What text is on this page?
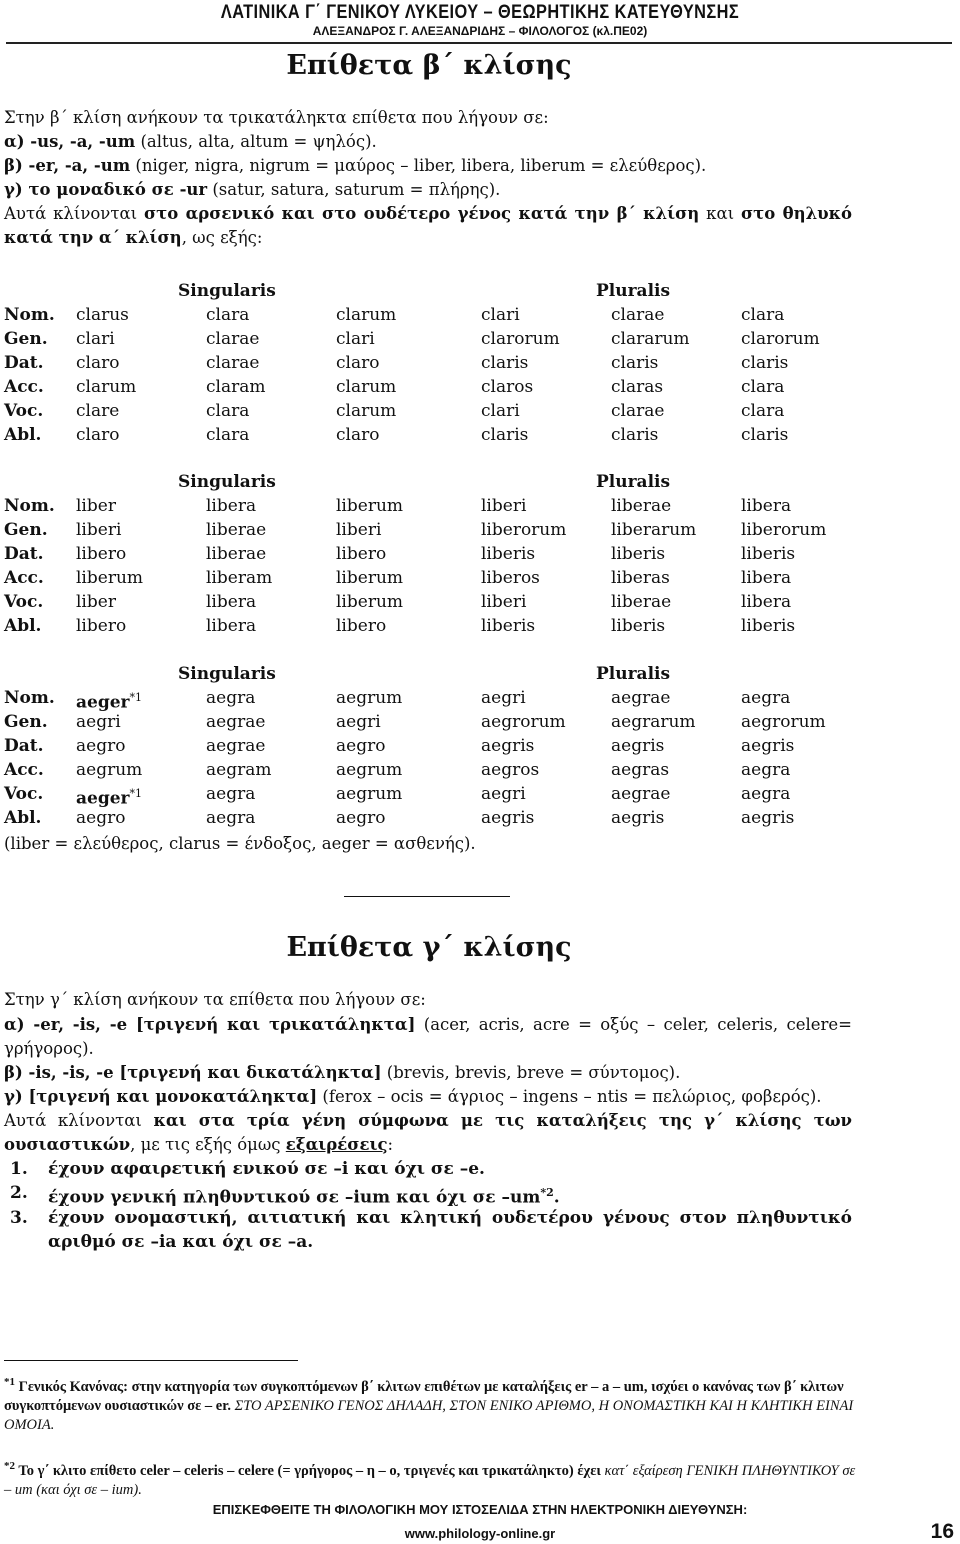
ΛΑΤΙΝΙΚΑ Γ΄ ΓΕΝΙΚΟΥ ΛΥΚΕΙΟΥ – ΘΕΩΡΗΤΙΚΗΣ ΚΑΤΕΥΘΥΝΣΗΣ
ΑΛΕΞΑΝΔΡΟΣ Γ. ΑΛΕΞΑΝΔΡΙΔΗΣ – ΦΙΛΟΛΟΓΟΣ (κλ.ΠΕ02)
Επίθετα β΄ κλίσης
Στην β΄ κλίση ανήκουν τα τρικατάληκτα επίθετα που λήγουν σε:
α) -us, -a, -um (altus, alta, altum = ψηλός).
β) -er, -a, -um (niger, nigra, nigrum = μαύρος – liber, libera, liberum = ελεύθερος).
γ) το μοναδικό σε -ur (satur, satura, saturum = πλήρης).
Αυτά κλίνονται στο αρσενικό και στο ουδέτερο γένος κατά την β΄ κλίση και στο θηλυκό
κατά την α΄ κλίση, ως εξής:
Singularis	Pluralis
Nom. clarus	clara	clarum	clari	clarae	clara
Gen. clari	clarae	clari	clarorum	clararum	clarorum
Dat. claro	clarae	claro	claris	claris	claris
Acc. clarum	claram	clarum	claros	claras	clara
Voc. clare	clara	clarum	clari	clarae	clara
Abl. claro	clara	claro	claris	claris	claris
Singularis	Pluralis
Nom. liber	libera	liberum	liberi	liberae	libera
Gen. liberi	liberae	liberi	liberorum	liberarum	liberorum
Dat. libero	liberae	libero	liberis	liberis	liberis
Acc. liberum	liberam	liberum	liberos	liberas	libera
Voc. liber	libera	liberum	liberi	liberae	libera
Abl. libero	libera	libero	liberis	liberis	liberis
Singularis	Pluralis
Nom. aeger$^{*1}$	aegra	aegrum	aegri	aegrae	aegra
Gen. aegri	aegrae	aegri	aegrorum	aegrarum	aegrorum
Dat. aegro	aegrae	aegro	aegris	aegris	aegris
Acc. aegrum	aegram	aegrum	aegros	aegras	aegra
Voc. aeger$^{*1}$	aegra	aegrum	aegri	aegrae	aegra
Abl. aegro	aegra	aegro	aegris	aegris	aegris
(liber = ελεύθερος, clarus = ένδοξος, aeger = ασθενής).
Επίθετα γ΄ κλίσης
Στην γ΄ κλίση ανήκουν τα επίθετα που λήγουν σε:
α) -er, -is, -e [τριγενή και τρικατάληκτα] (acer, acris, acre = οξύς – celer, celeris, celere= γρήγορος).
β) -is, -is, -e [τριγενή και δικατάληκτα] (brevis, brevis, breve = σύντομος).
γ) [τριγενή και μονοκατάληκτα] (ferox – ocis = άγριος – ingens – ntis = πελώριος, φοβερός).
Αυτά κλίνονται και στα τρία γένη σύμφωνα με τις καταλήξεις της γ΄ κλίσης των
ουσιαστικών, με τις εξής όμως εξαιρέσεις:
1. έχουν αφαιρετική ενικού σε –i και όχι σε –e.
2. έχουν γενική πληθυντικού σε –ium και όχι σε $-um^{*2}$.
3. έχουν ονομαστική, αιτιατική και κλητική ουδετέρου γένους στον πληθυντικό
αριθμό σε –ia και όχι σε –a.
$^{*1}$ Γενικός Κανόνας: στην κατηγορία των συγκοπτόμενων β΄ κλιτων επιθέτων με καταλήξεις er – a – um, ισχύει ο κανόνας των β΄ κλιτων συγκοπτόμενων ουσιαστικών σε – er. ΣΤΟ ΑΡΣΕΝΙΚΟ ΓΕΝΟΣ ΔΗΛΑΔΗ, ΣΤΟΝ ΕΝΙΚΟ ΑΡΙΘΜΟ, Η ΟΝΟΜΑΣΤΙΚΗ ΚΑΙ Η ΚΛΗΤΙΚΗ ΕΙΝΑΙ ΟΜΟΙΑ.
$^{*2}$ Το γ΄ κλιτο επίθετο celer – celeris – celere (= γρήγορος – η – ο, τριγενές και τρικατάληκτο) έχει κατ΄ εξαίρεση ΓΕΝΙΚΗ ΠΛΗΘΥΝΤΙΚΟΥ σε – um (και όχι σε – ium).
ΕΠΙΣΚΕΦΘΕΙΤΕ ΤΗ ΦΙΛΟΛΟΓΙΚΗ ΜΟΥ ΙΣΤΟΣΕΛΙΔΑ ΣΤΗΝ ΗΛΕΚΤΡΟΝΙΚΗ ΔΙΕΥΘΥΝΣΗ:
www.philology-online.gr	16
